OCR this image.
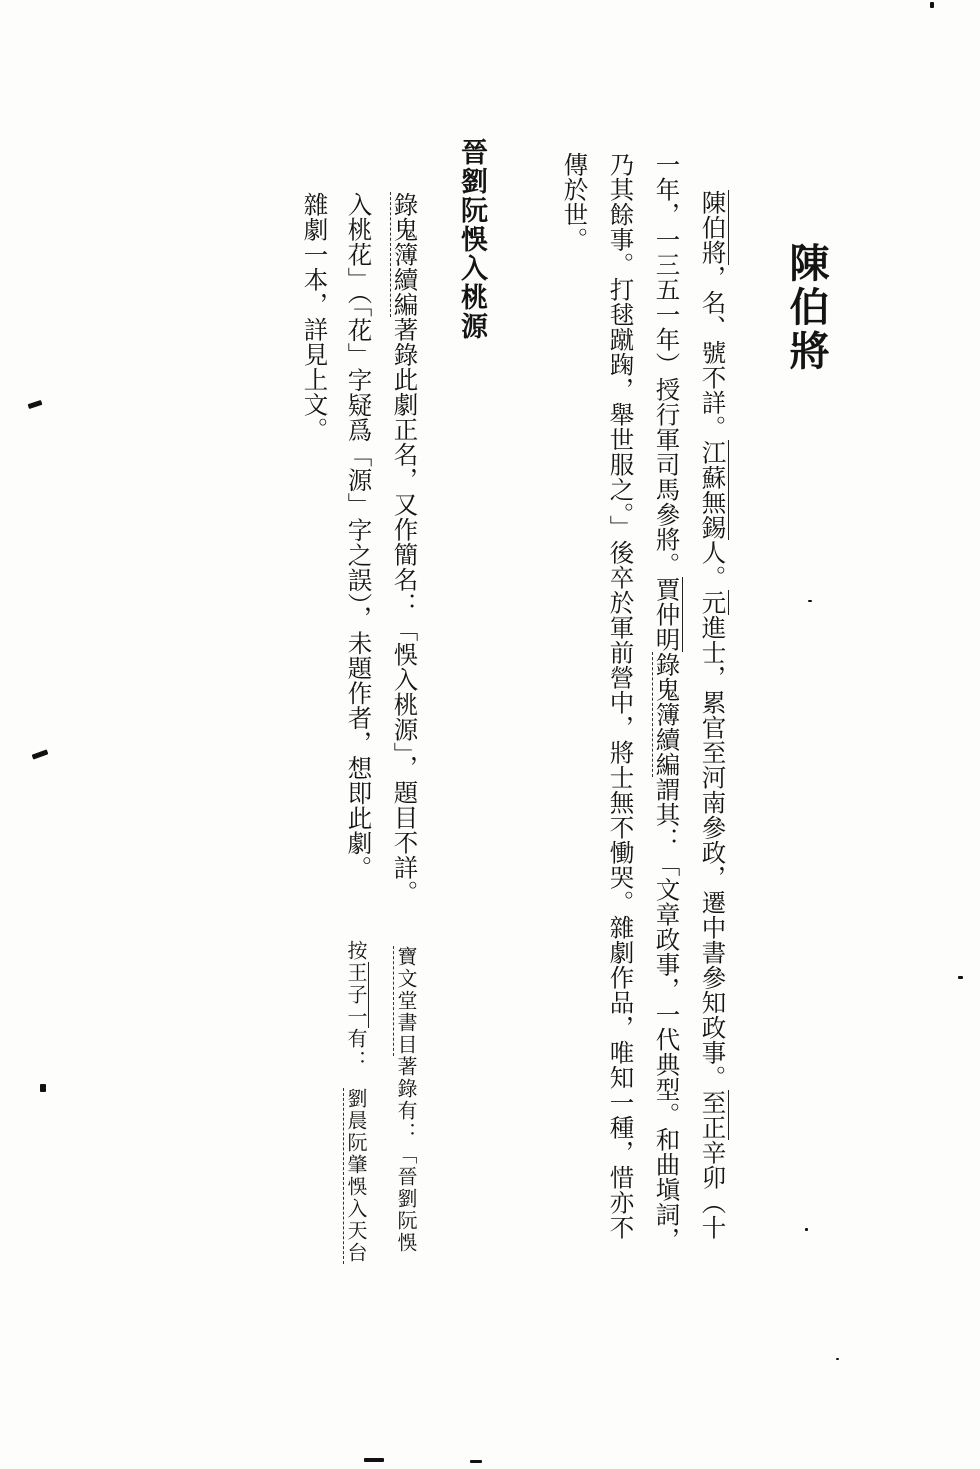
陳伯將
陳伯將，名、號不詳。江蘇無錫人。元進士，累官至河南參政，遷中書參知政事。至正辛卯（十
一年，一三五一年）授行軍司馬參將。賈仲明錄鬼簿續編謂其：「文章政事，一代典型。和曲塡詞，
乃其餘事。打毬蹴踘，舉世服之。」後卒於軍前營中，將士無不慟哭。雜劇作品，唯知一種，惜亦不
傳於世。
晉劉阮悞入桃源
錄鬼簿續編著錄此劇正名，又作簡名：「悞入桃源」，題目不詳。
入桃花」（「花」字疑爲「源」字之誤），未題作者，想即此劇。
雜劇一本，詳見上文。
寶文堂書目著錄有：「晉劉阮悞
按王子一有：
劉晨阮肇悞入天台
